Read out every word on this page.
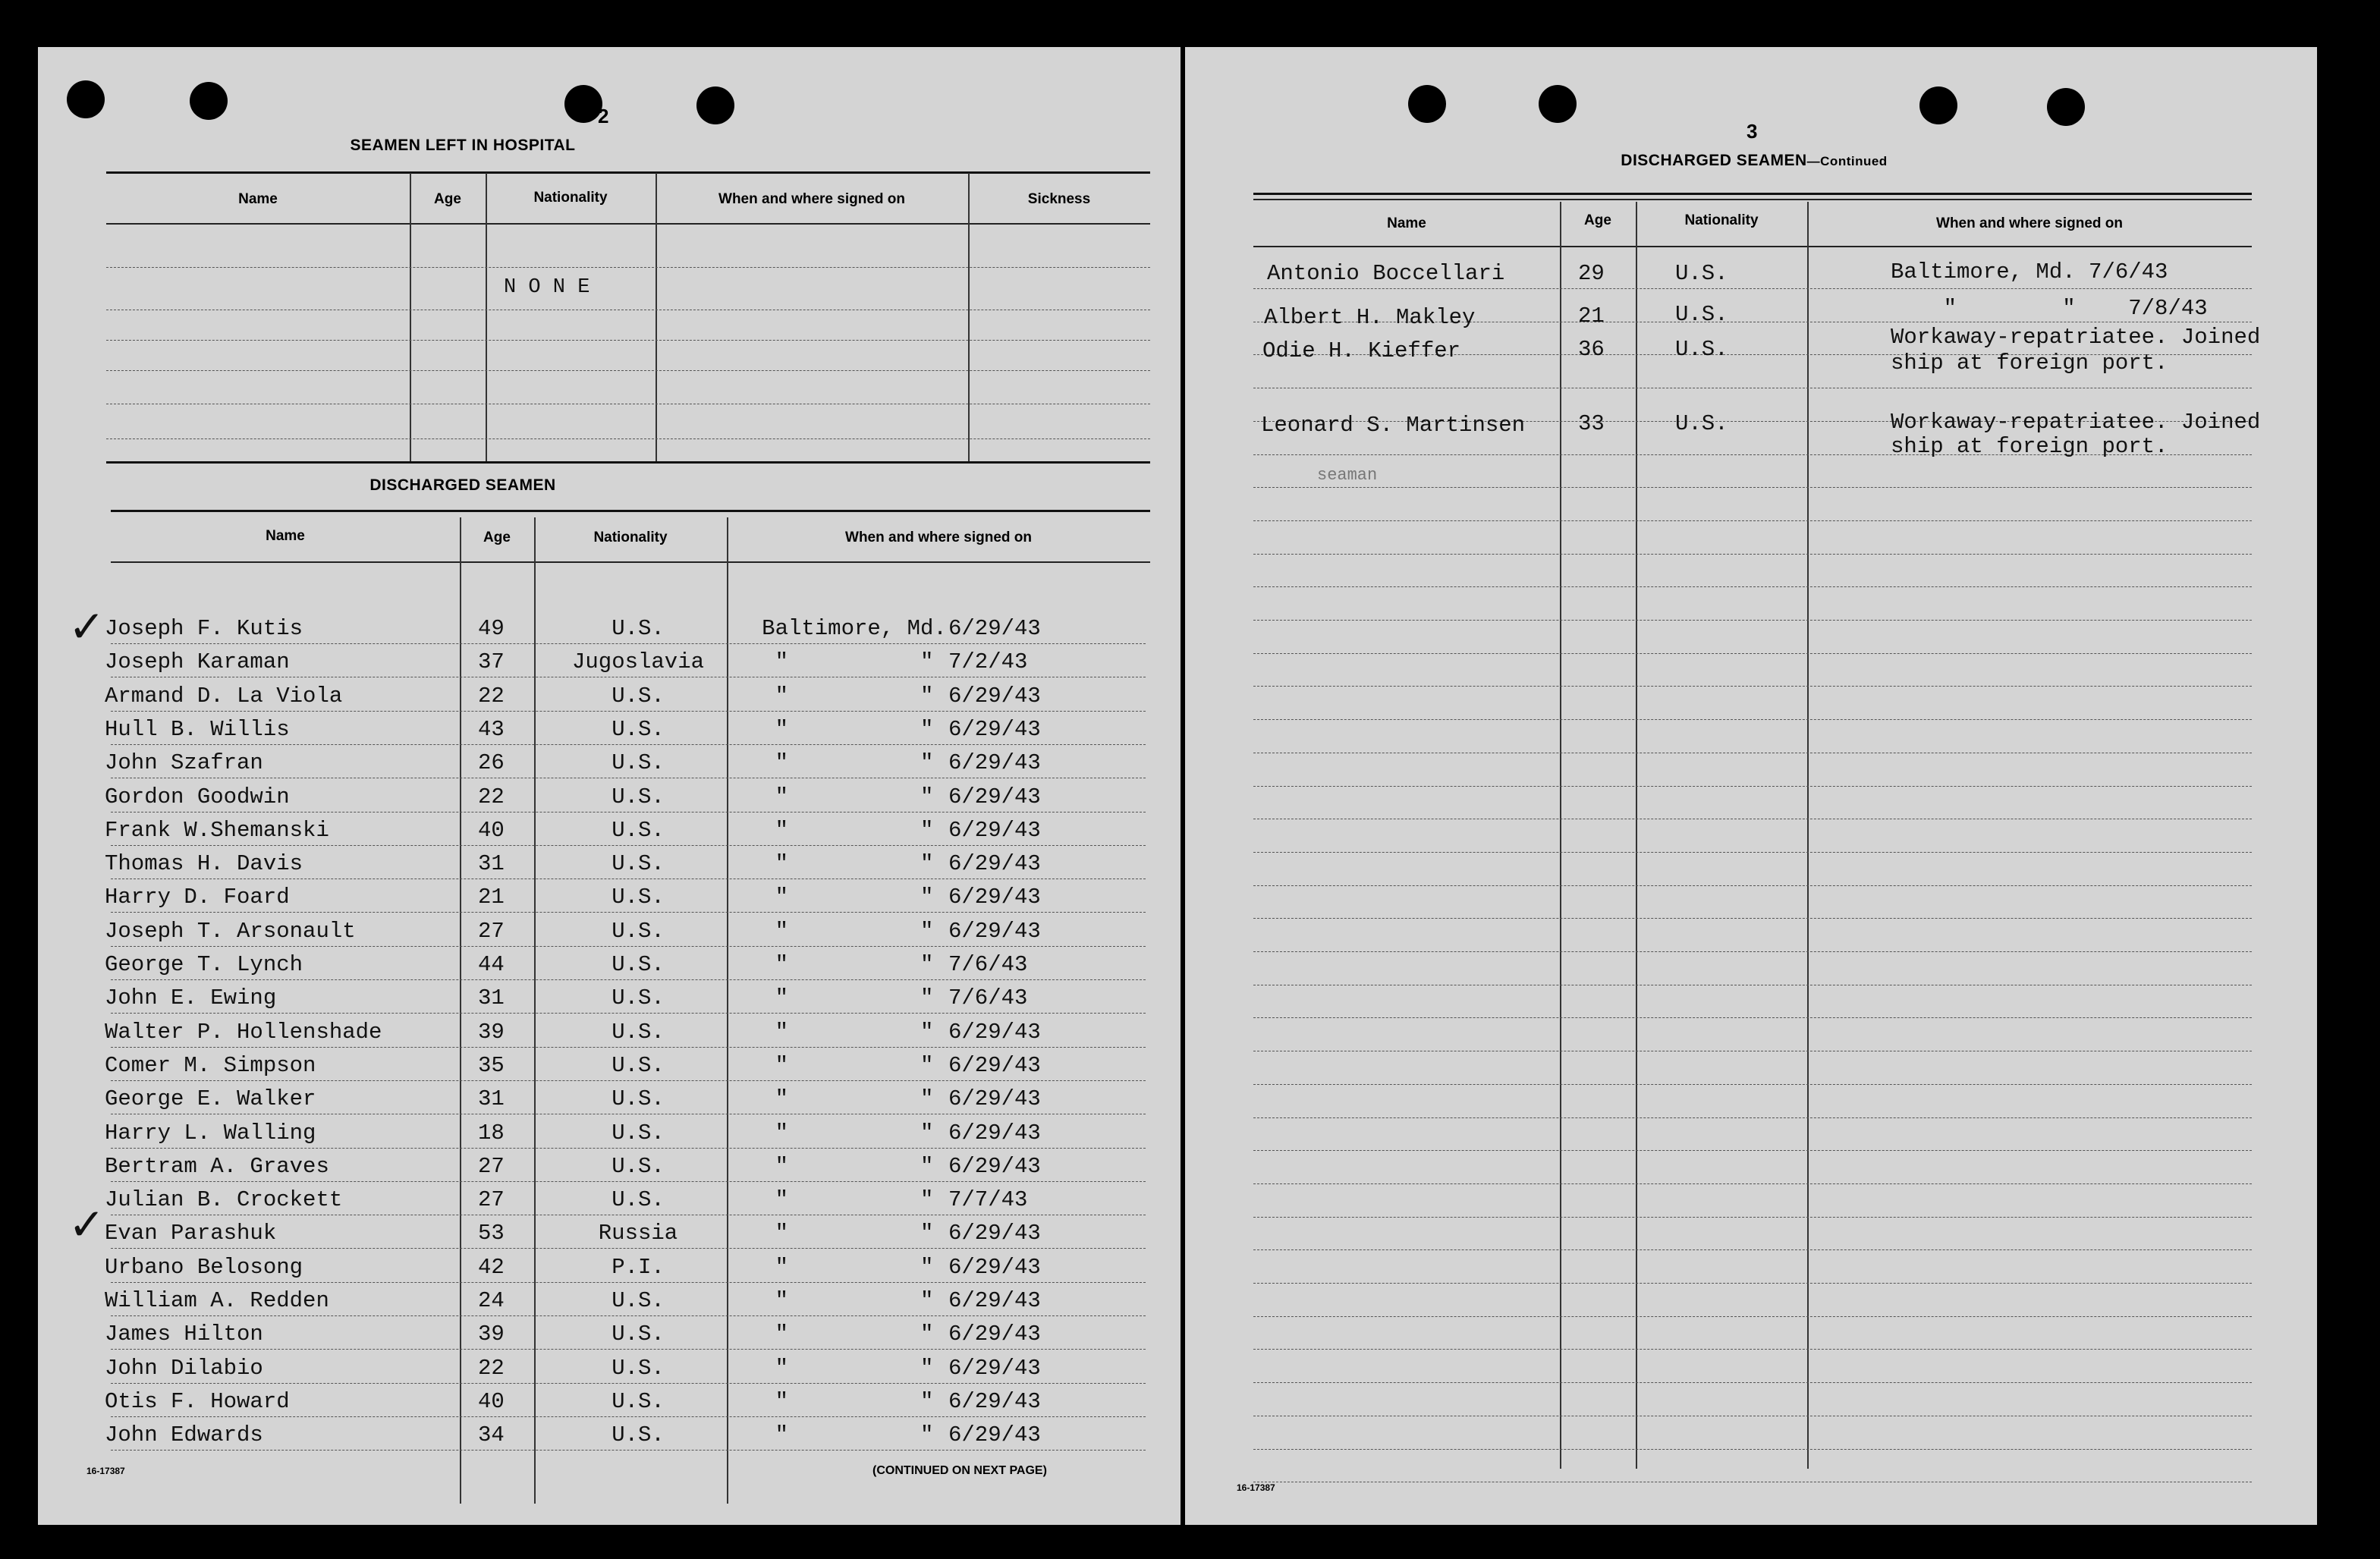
2
SEAMEN LEFT IN HOSPITAL
Name	Age	Nationality	When and where signed on	Sickness
N O N E
DISCHARGED SEAMEN
Name	Age	Nationality	When and where signed on
Joseph F. Kutis	49	U.S.	Baltimore, Md. 6/29/43
Joseph Karaman	37	Jugoslavia	"          " 7/2/43
Armand D. La Viola	22	U.S.	"          " 6/29/43
Hull B. Willis	43	U.S.	"          " 6/29/43
John Szafran	26	U.S.	"          " 6/29/43
Gordon Goodwin	22	U.S.	"          " 6/29/43
Frank W.Shemanski	40	U.S.	"          " 6/29/43
Thomas H. Davis	31	U.S.	"          " 6/29/43
Harry D. Foard	21	U.S.	"          " 6/29/43
Joseph T. Arsonault	27	U.S.	"          " 6/29/43
George T. Lynch	44	U.S.	"          " 7/6/43
John E. Ewing	31	U.S.	"          " 7/6/43
Walter P. Hollenshade	39	U.S.	"          " 6/29/43
Comer M. Simpson	35	U.S.	"          " 6/29/43
George E. Walker	31	U.S.	"          " 6/29/43
Harry L. Walling	18	U.S.	"          " 6/29/43
Bertram A. Graves	27	U.S.	"          " 6/29/43
Julian B. Crockett	27	U.S.	"          " 7/7/43
Evan Parashuk	53	Russia	"          " 6/29/43
Urbano Belosong	42	P.I.	"          " 6/29/43
William A. Redden	24	U.S.	"          " 6/29/43
James Hilton	39	U.S.	"          " 6/29/43
John Dilabio	22	U.S.	"          " 6/29/43
Otis F. Howard	40	U.S.	"          " 6/29/43
John Edwards	34	U.S.	"          " 6/29/43
✓
✓
16-17387	(CONTINUED ON NEXT PAGE)
3
DISCHARGED SEAMEN—Continued
Name	Age	Nationality	When and where signed on
Antonio Boccellari	29	U.S.	Baltimore, Md. 7/6/43
Albert H. Makley	21	U.S.	"        "    7/8/43
Odie H. Kieffer	36	U.S.	Workaway-repatriatee. Joined
ship at foreign port.
Leonard S. Martinsen 33	U.S.	Workaway-repatriatee. Joined
ship at foreign port.
seaman
16-17387
